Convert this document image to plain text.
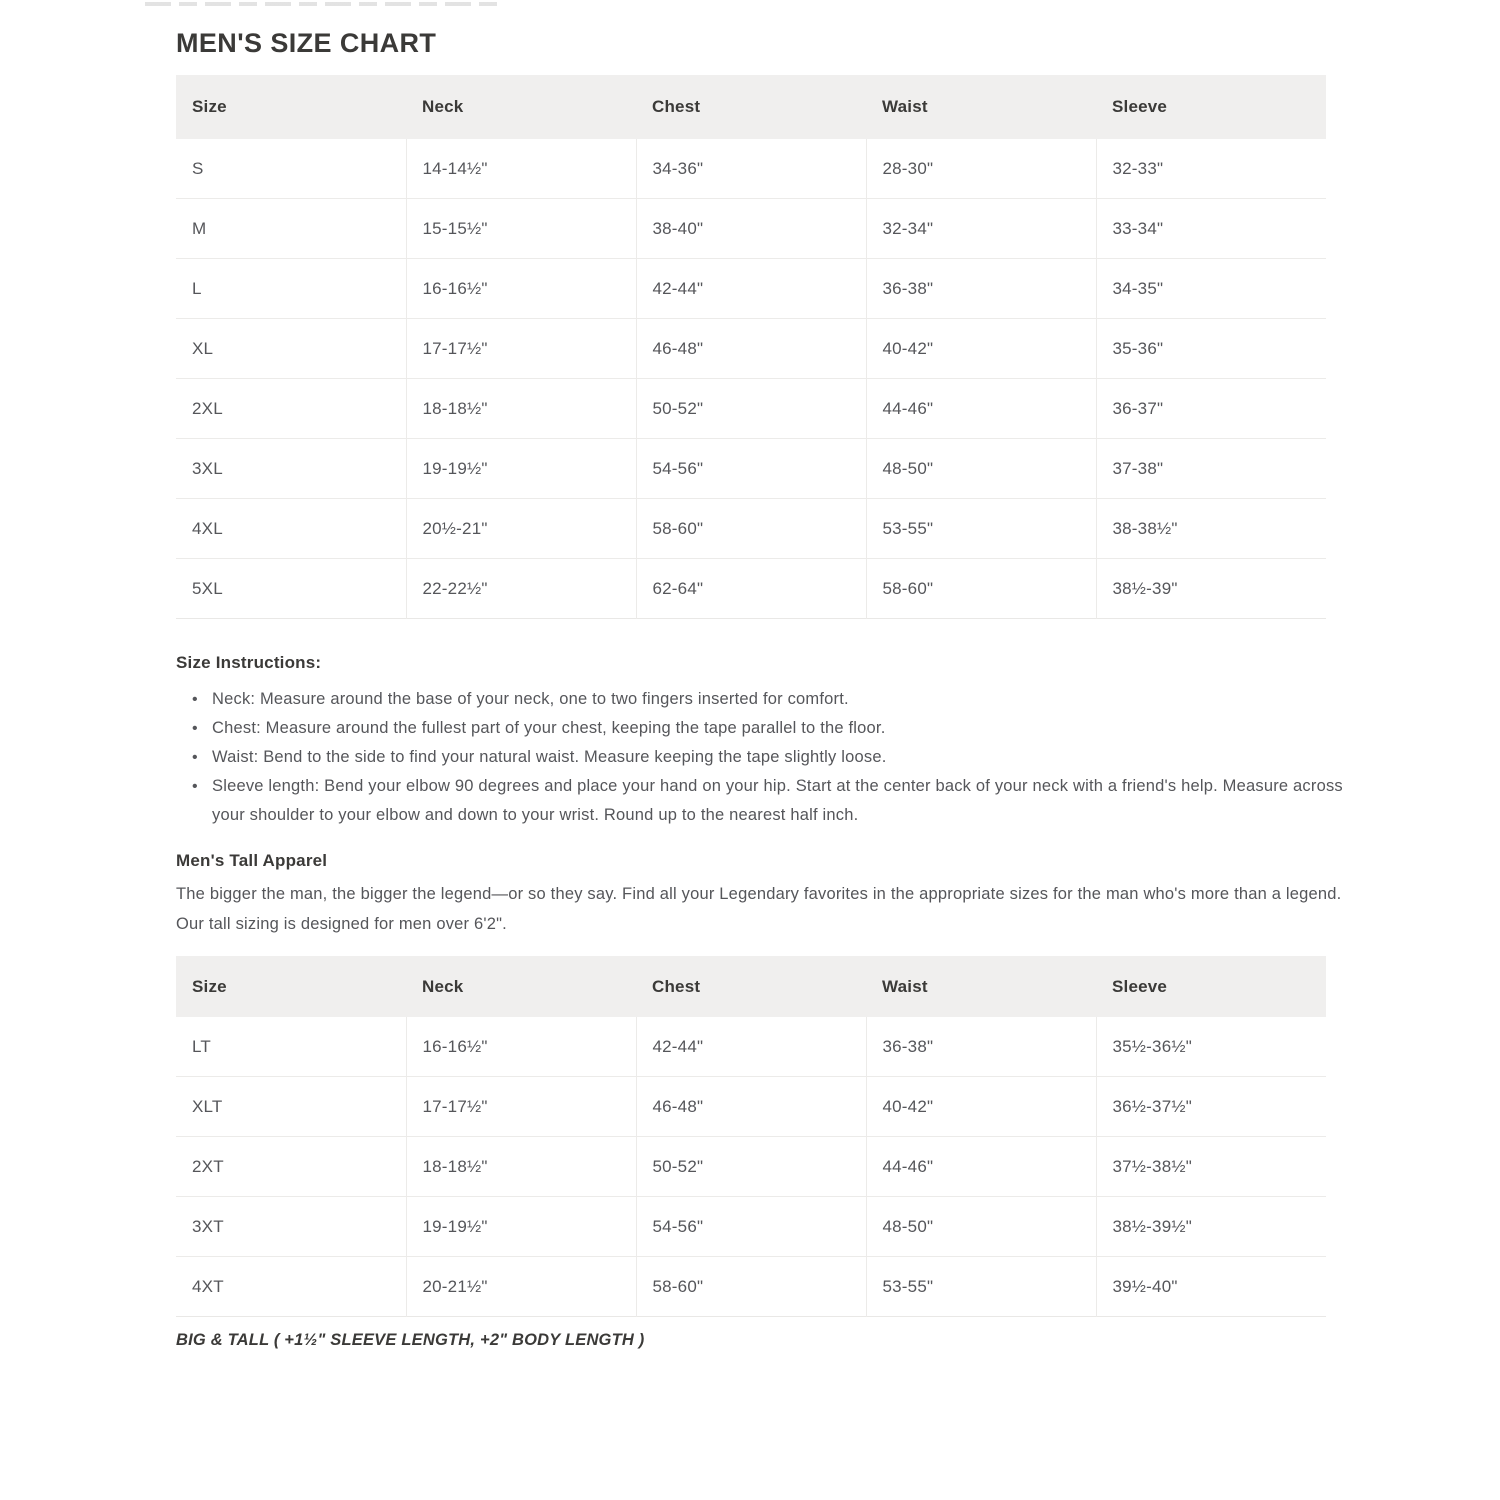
MEN'S SIZE CHART
Size	Neck	Chest	Waist	Sleeve
S	14-14½"	34-36"	28-30"	32-33"
M	15-15½"	38-40"	32-34"	33-34"
L	16-16½"	42-44"	36-38"	34-35"
XL	17-17½"	46-48"	40-42"	35-36"
2XL	18-18½"	50-52"	44-46"	36-37"
3XL	19-19½"	54-56"	48-50"	37-38"
4XL	20½-21"	58-60"	53-55"	38-38½"
5XL	22-22½"	62-64"	58-60"	38½-39"
Size Instructions:
• Neck: Measure around the base of your neck, one to two fingers inserted for comfort.
• Chest: Measure around the fullest part of your chest, keeping the tape parallel to the floor.
• Waist: Bend to the side to find your natural waist. Measure keeping the tape slightly loose.
• Sleeve length: Bend your elbow 90 degrees and place your hand on your hip. Start at the center back of your neck with a friend's help. Measure across your shoulder to your elbow and down to your wrist. Round up to the nearest half inch.
Men's Tall Apparel

The bigger the man, the bigger the legend—or so they say. Find all your Legendary favorites in the appropriate sizes for the man who's more than a legend. Our tall sizing is designed for men over 6'2".

Size	Neck	Chest	Waist	Sleeve
LT	16-16½"	42-44"	36-38"	35½-36½"
XLT	17-17½"	46-48"	40-42"	36½-37½"
2XT	18-18½"	50-52"	44-46"	37½-38½"
3XT	19-19½"	54-56"	48-50"	38½-39½"
4XT	20-21½"	58-60"	53-55"	39½-40"

BIG & TALL ( +1½" SLEEVE LENGTH, +2" BODY LENGTH )
